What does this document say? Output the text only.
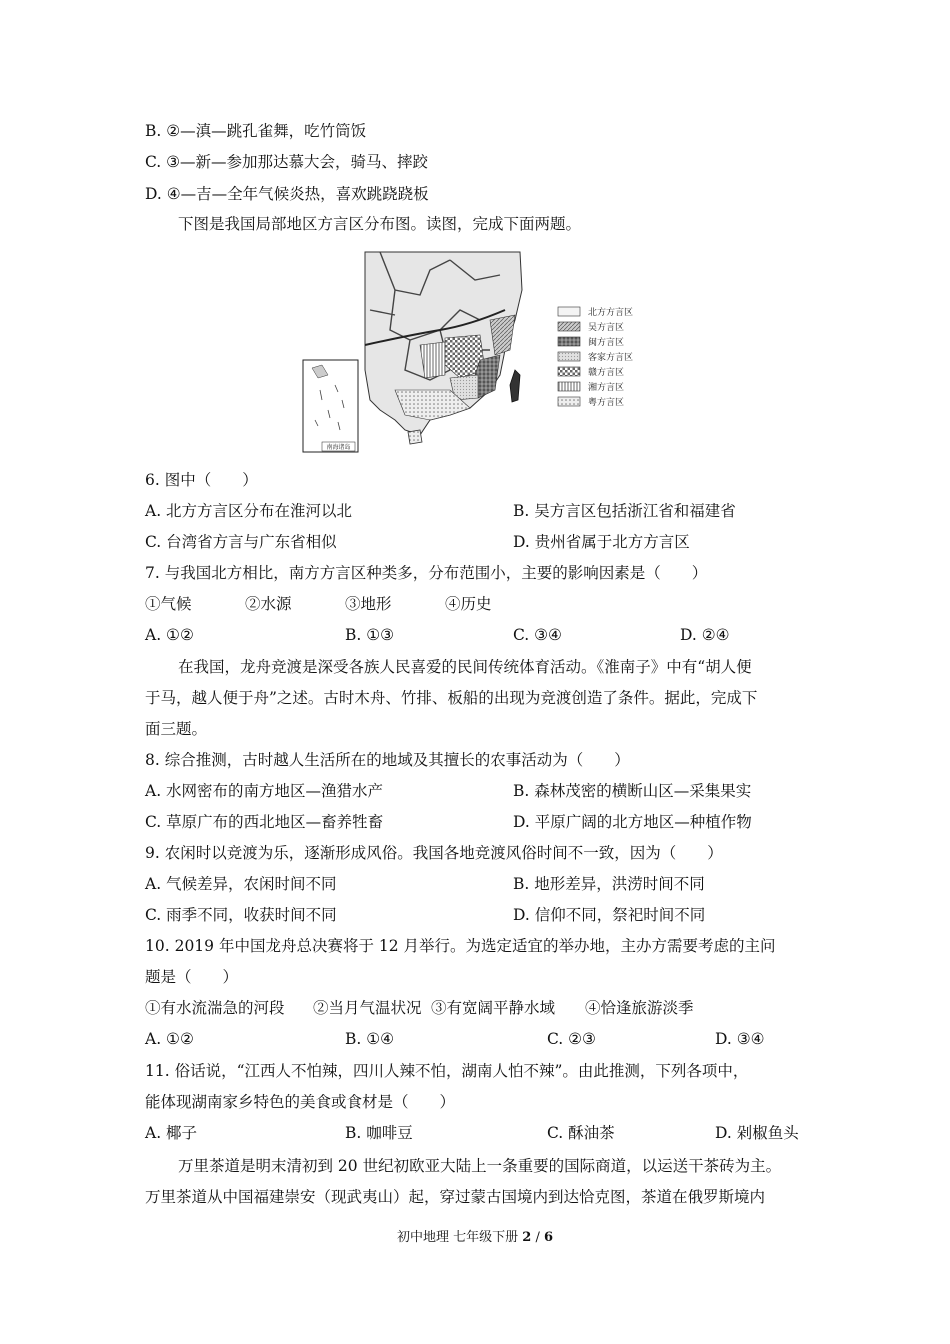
B. ②—滇—跳孔雀舞，吃竹筒饭
C. ③—新—参加那达慕大会，骑马、摔跤
D. ④—吉—全年气候炎热，喜欢跳跷跷板
下图是我国局部地区方言区分布图。读图，完成下面两题。
南海诸岛
北方方言区
吴方言区
闽方言区
客家方言区
赣方言区
湘方言区
粤方言区
6. 图中（　　）
A. 北方方言区分布在淮河以北	B. 吴方言区包括浙江省和福建省
C. 台湾省方言与广东省相似	D. 贵州省属于北方方言区
7. 与我国北方相比，南方方言区种类多，分布范围小，主要的影响因素是（　　）
①气候	②水源	③地形	④历史
A. ①②	B. ①③	C. ③④	D. ②④
在我国，龙舟竞渡是深受各族人民喜爱的民间传统体育活动。《淮南子》中有“胡人便
于马，越人便于舟”之述。古时木舟、竹排、板船的出现为竞渡创造了条件。据此，完成下
面三题。
8. 综合推测，古时越人生活所在的地域及其擅长的农事活动为（　　）
A. 水网密布的南方地区—渔猎水产	B. 森林茂密的横断山区—采集果实
C. 草原广布的西北地区—畜养牲畜	D. 平原广阔的北方地区—种植作物
9. 农闲时以竞渡为乐，逐渐形成风俗。我国各地竞渡风俗时间不一致，因为（　　）
A. 气候差异，农闲时间不同	B. 地形差异，洪涝时间不同
C. 雨季不同，收获时间不同	D. 信仰不同，祭祀时间不同
10. 2019 年中国龙舟总决赛将于 12 月举行。为选定适宜的举办地，主办方需要考虑的主问
题是（　　）
①有水流湍急的河段 ②当月气温状况 ③有宽阔平静水域 ④恰逢旅游淡季
A. ①②	B. ①④	C. ②③	D. ③④
11. 俗话说，“江西人不怕辣，四川人辣不怕，湖南人怕不辣”。由此推测，下列各项中，
能体现湖南家乡特色的美食或食材是（　　）
A. 椰子	B. 咖啡豆	C. 酥油茶	D. 剁椒鱼头
万里茶道是明末清初到 20 世纪初欧亚大陆上一条重要的国际商道，以运送干茶砖为主。
万里茶道从中国福建崇安（现武夷山）起，穿过蒙古国境内到达恰克图，茶道在俄罗斯境内
初中地理 七年级下册 2 / 6
